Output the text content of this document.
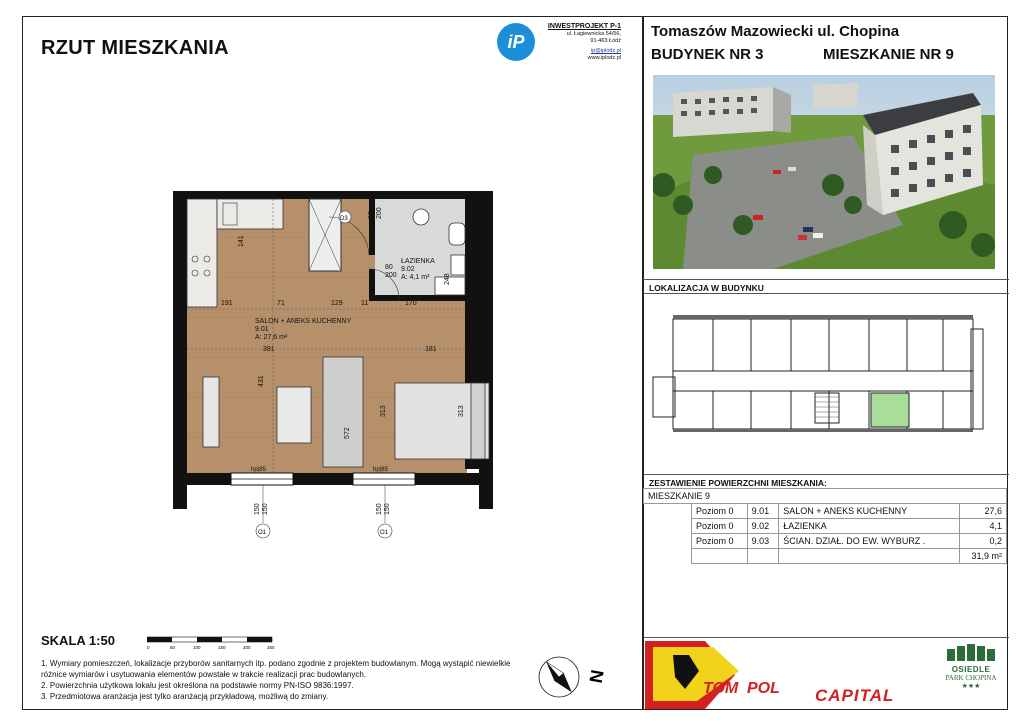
RZUT MIESZKANIA	iP
INWESTPROJEKT P-1
ul. Łagiewnicka 54/56,
91-463 Łódź
ip@iplodz.pl
www.iplodz.pl
Tomaszów Mazowiecki ul. Chopina
BUDYNEK NR 3	MIESZKANIE NR 9
LOKALIZACJA W BUDYNKU
ZESTAWIENIE POWIERZCHNI MIESZKANIA:
MIESZKANIE 9				
	Poziom 0	9.01	SALON + ANEKS KUCHENNY	27,6
	Poziom 0	9.02	ŁAZIENKA	4,1
	Poziom 0	9.03	ŚCIAN. DZIAŁ. DO EW. WYBURZ .	0,2
				31,9 m²
SALON + ANEKS KUCHENNY
9.01
A: 27,6 m²
ŁAZIENKA
9.02
A: 4,1 m²
141
191	71	129	11	170
391	181
431
313	313
572
90 200
259
80
200	248
150 150	150 150
hp|85	hp|85
D3
O1	O1
SKALA 1:50	0	50	100	150	200	250
1. Wymiary pomieszczeń, lokalizacje przyborów sanitarnych itp. podano zgodnie z projektem budowlanym. Mogą wystąpić niewielkie różnice wymiarów i usytuowania elementów powstałe w trakcie realizacji prac budowlanych.
2. Powierzchnia użytkowa lokalu jest określona na podstawie normy PN-ISO 9836:1997.
3. Przedmiotowa aranżacja jest tylko aranżacją przykładową, możliwą do zmiany.
N
TOM POL CAPITAL
OSIEDLE
PARK CHOPINA
★★★
